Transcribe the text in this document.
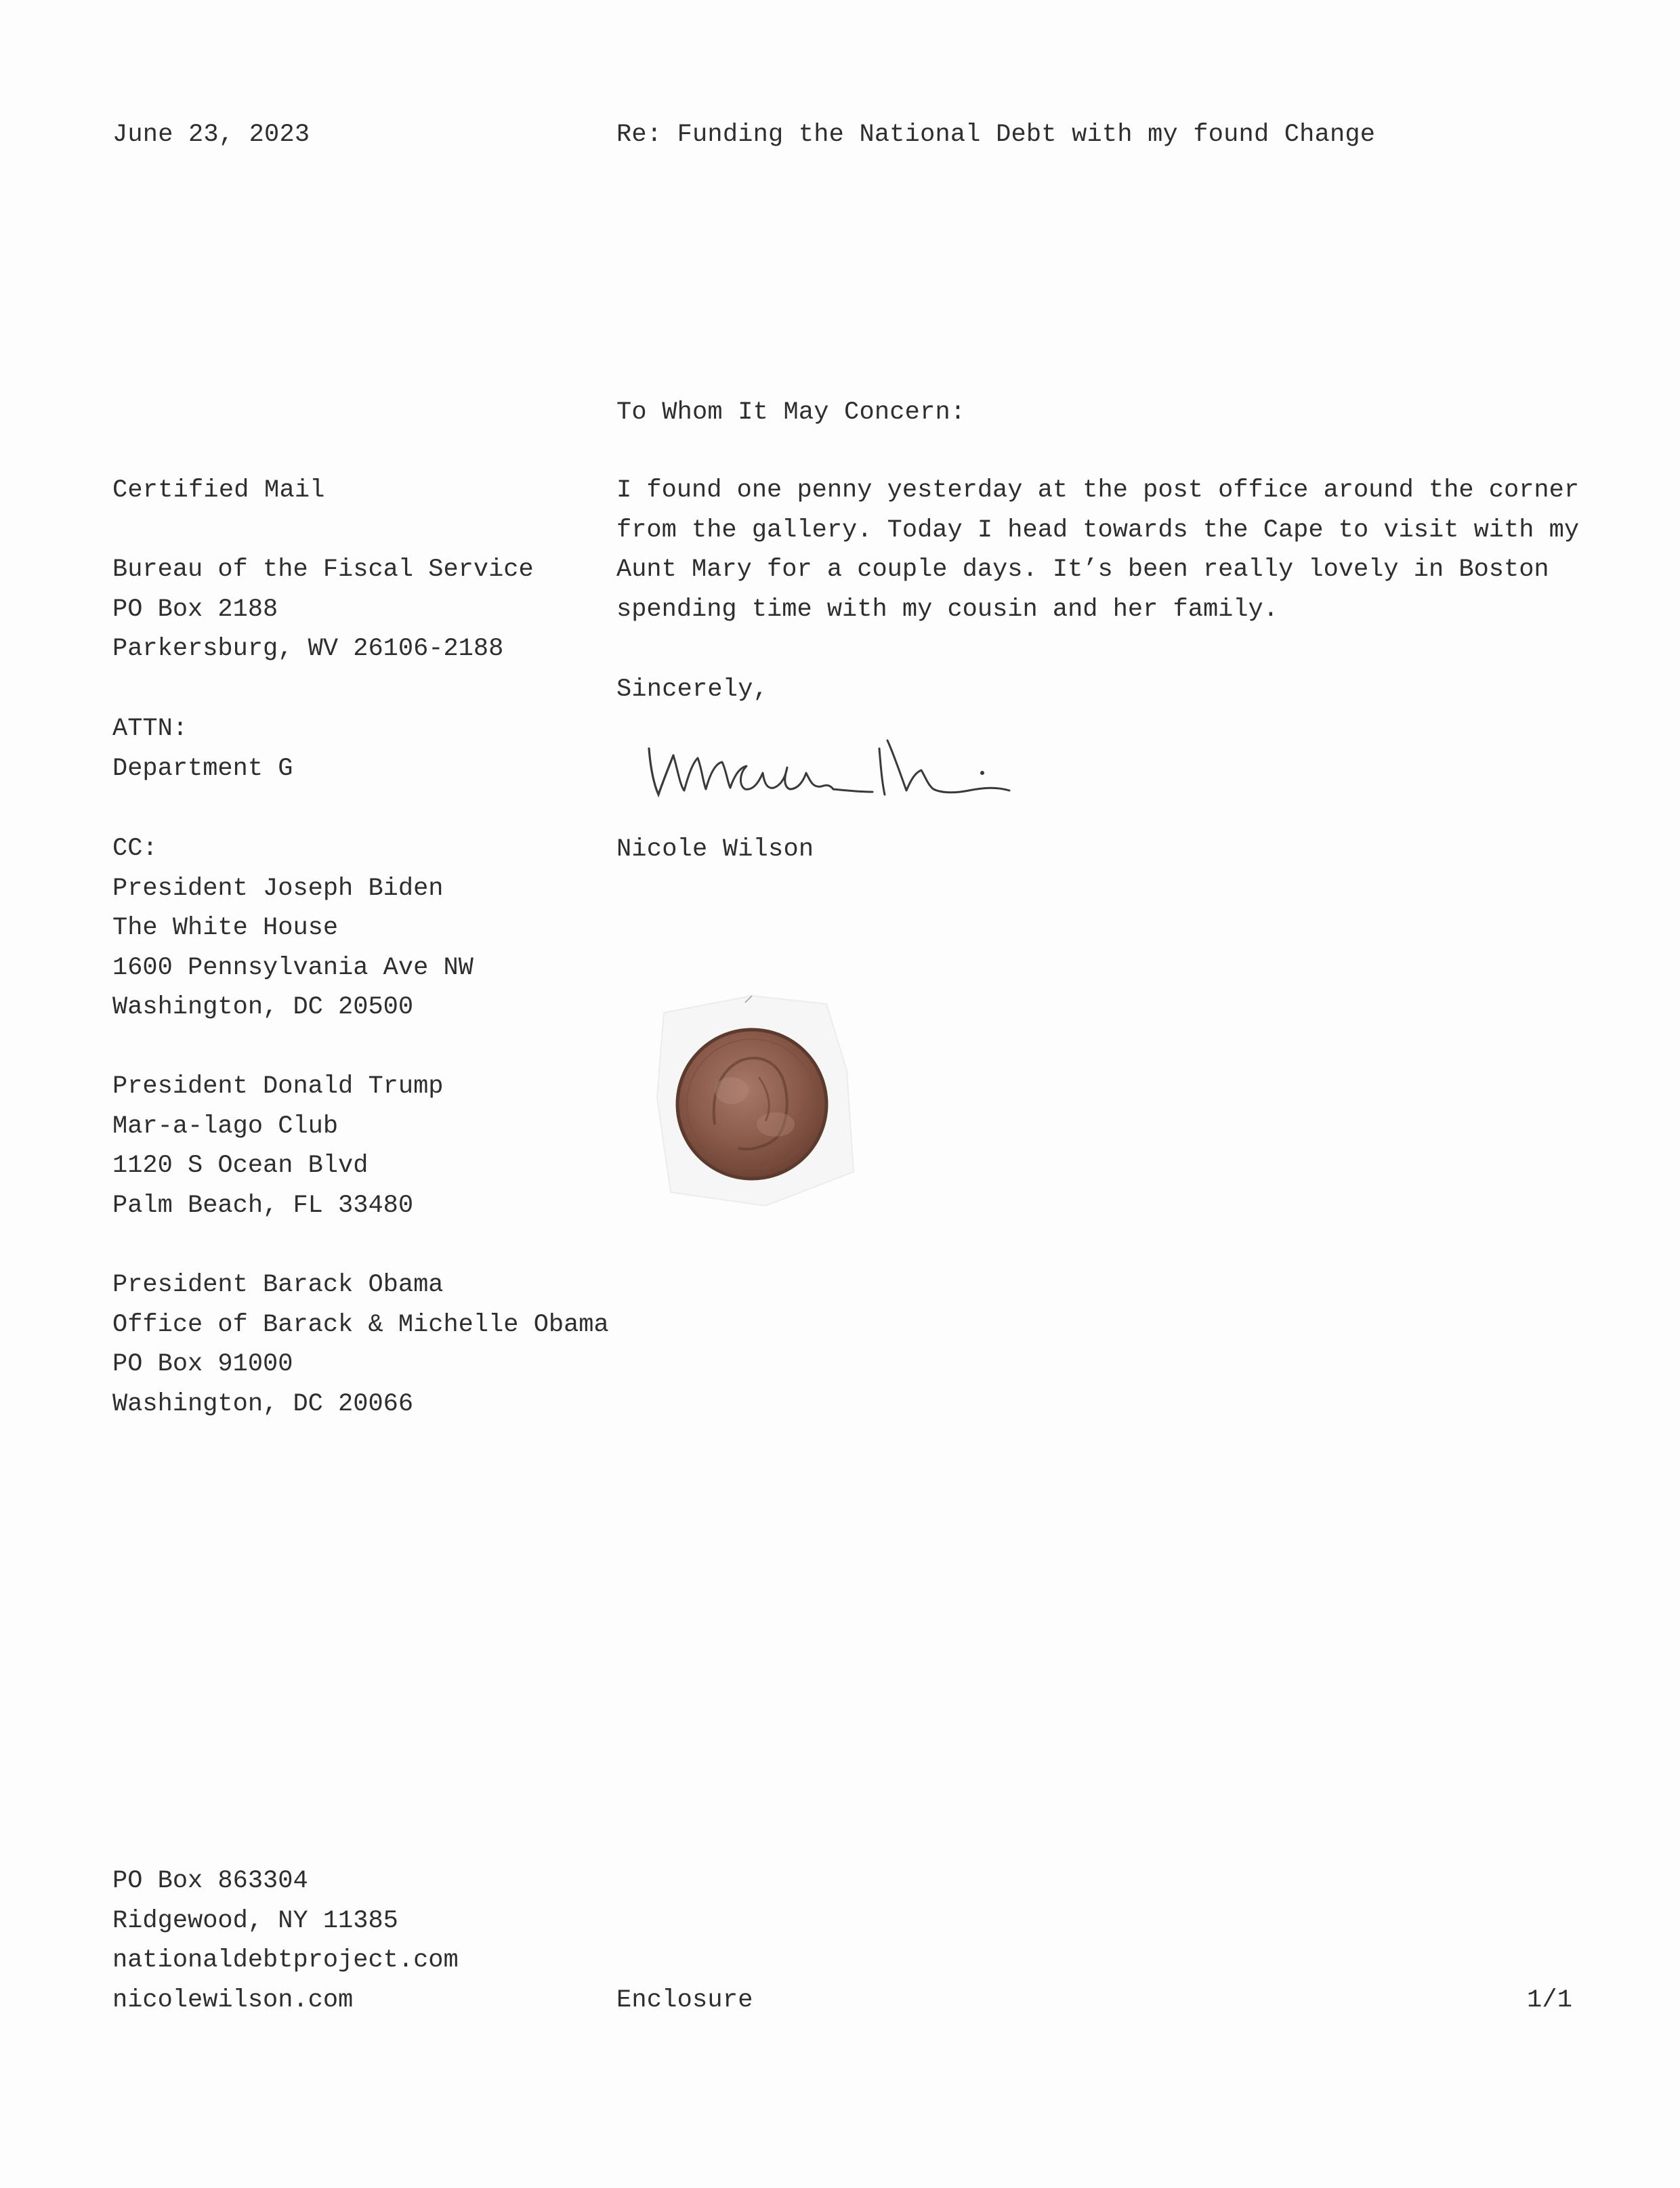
June 23, 2023	Re: Funding the National Debt with my found Change
To Whom It May Concern:
I found one penny yesterday at the post office around the corner
from the gallery. Today I head towards the Cape to visit with my
Aunt Mary for a couple days. It’s been really lovely in Boston
spending time with my cousin and her family.
Sincerely,
Nicole Wilson
Certified Mail
Bureau of the Fiscal Service
PO Box 2188
Parkersburg, WV 26106-2188
ATTN:
Department G
CC:
President Joseph Biden
The White House
1600 Pennsylvania Ave NW
Washington, DC 20500
President Donald Trump
Mar-a-lago Club
1120 S Ocean Blvd
Palm Beach, FL 33480
President Barack Obama
Office of Barack & Michelle Obama
PO Box 91000
Washington, DC 20066
PO Box 863304
Ridgewood, NY 11385
nationaldebtproject.com
nicolewilson.com	Enclosure	1/1
